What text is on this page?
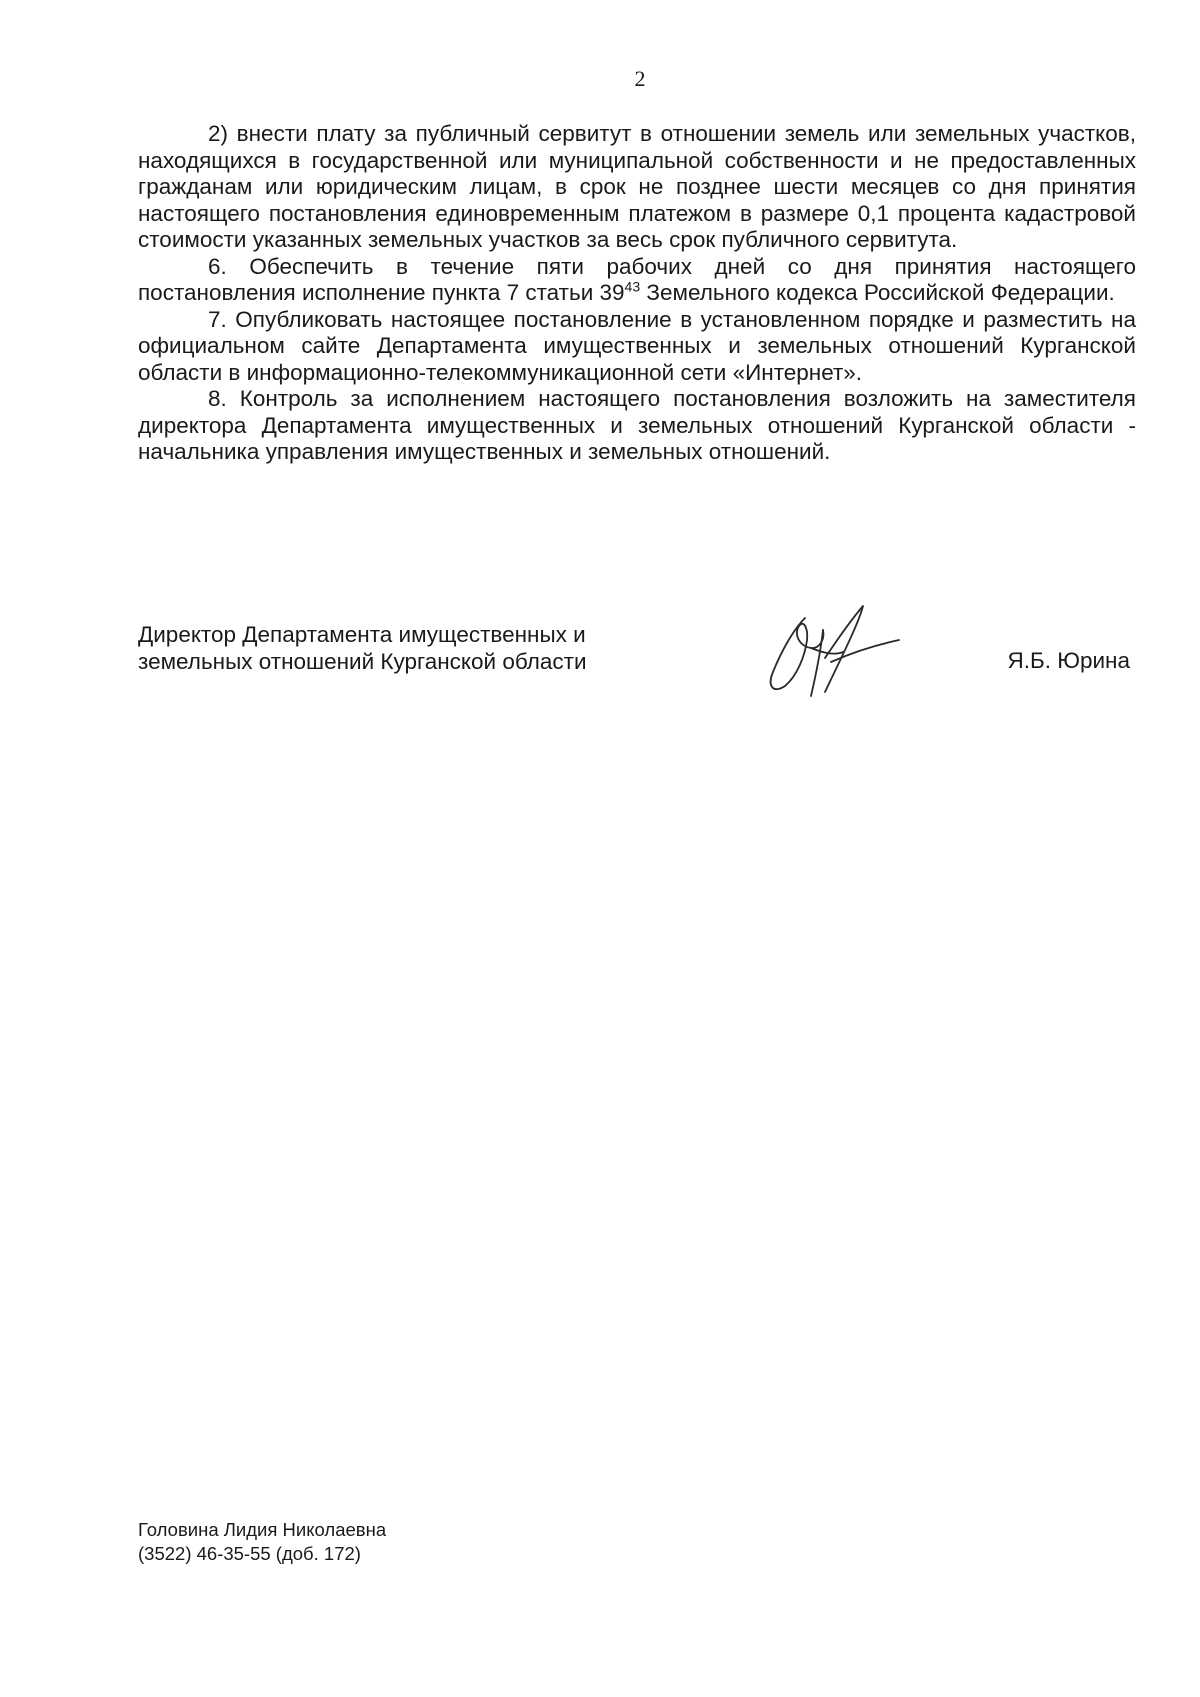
2

2) внести плату за публичный сервитут в отношении земель или земельных участков, находящихся в государственной или муниципальной собственности и не предоставленных гражданам или юридическим лицам, в срок не позднее шести месяцев со дня принятия настоящего постановления единовременным платежом в размере 0,1 процента кадастровой стоимости указанных земельных участков за весь срок публичного сервитута.

6. Обеспечить в течение пяти рабочих дней со дня принятия настоящего постановления исполнение пункта 7 статьи $39^{43}$ Земельного кодекса Российской Федерации.

7. Опубликовать настоящее постановление в установленном порядке и разместить на официальном сайте Департамента имущественных и земельных отношений Курганской области в информационно-телекоммуникационной сети «Интернет».

8. Контроль за исполнением настоящего постановления возложить на заместителя директора Департамента имущественных и земельных отношений Курганской области - начальника управления имущественных и земельных отношений.

Директор Департамента имущественных и
земельных отношений Курганской области	Я.Б. Юрина
Головина Лидия Николаевна
(3522) 46-35-55 (доб. 172)
